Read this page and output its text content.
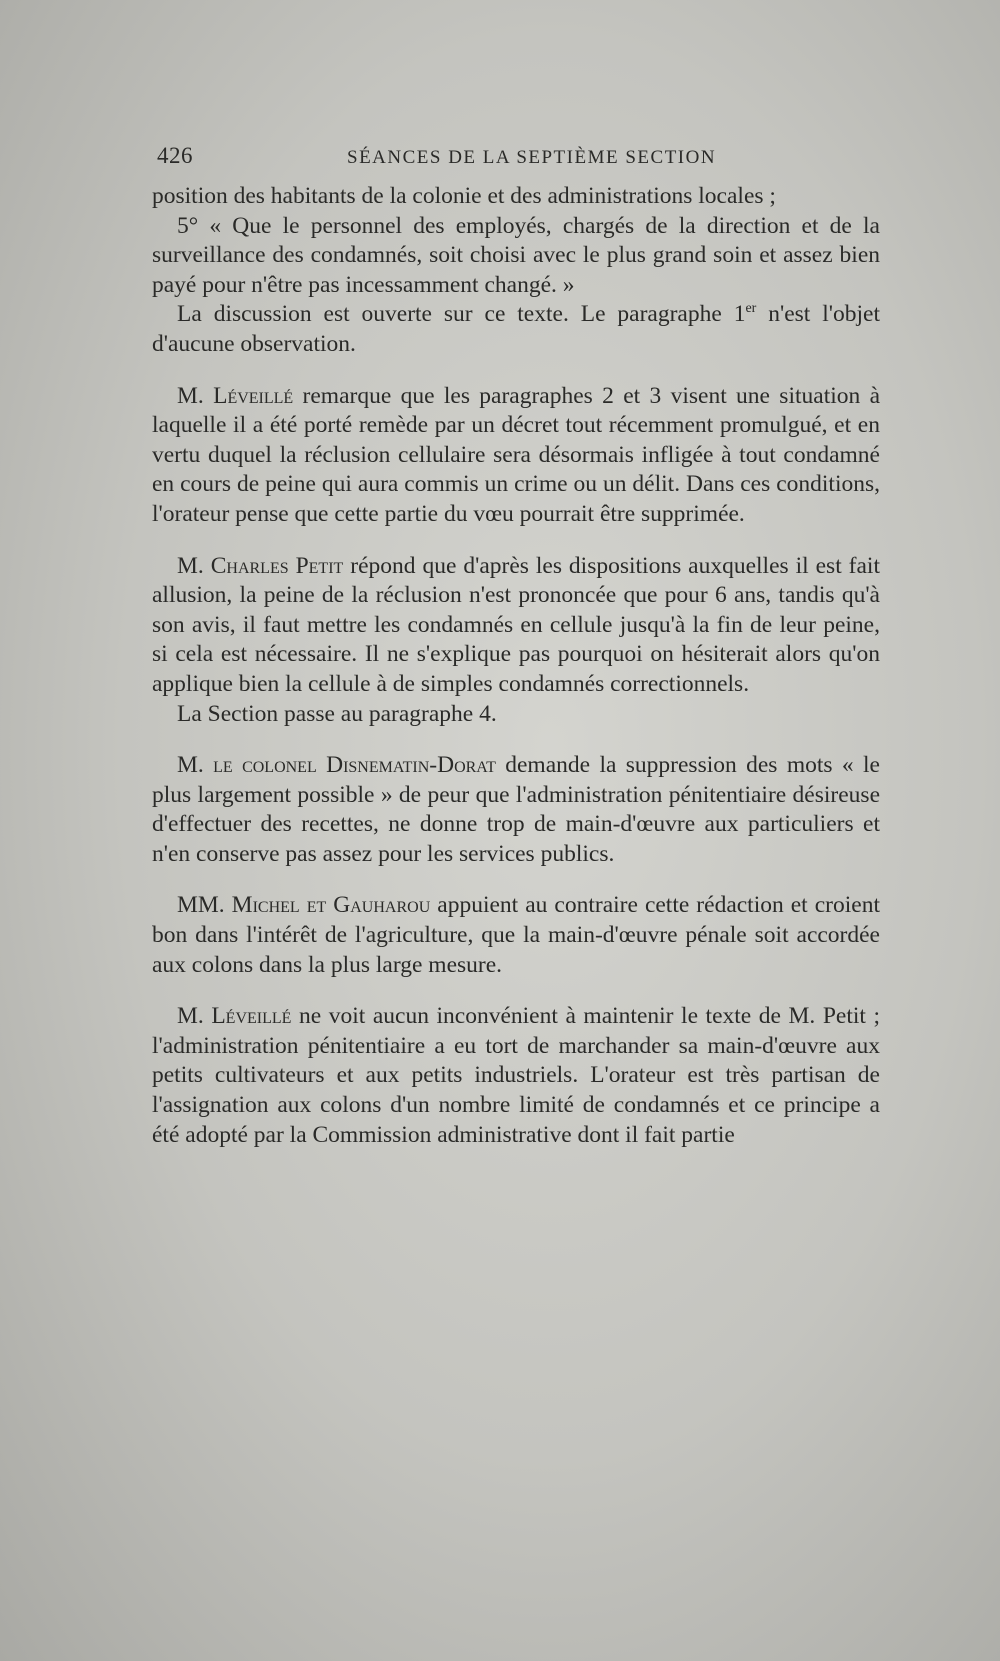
426	SÉANCES DE LA SEPTIÈME SECTION

position des habitants de la colonie et des administrations locales ;

5° « Que le personnel des employés, chargés de la direction et de la surveillance des condamnés, soit choisi avec le plus grand soin et assez bien payé pour n'être pas incessamment changé. »

La discussion est ouverte sur ce texte. Le paragraphe 1er n'est l'objet d'aucune observation.

M. Léveillé remarque que les paragraphes 2 et 3 visent une situation à laquelle il a été porté remède par un décret tout récemment promulgué, et en vertu duquel la réclusion cellulaire sera désormais infligée à tout condamné en cours de peine qui aura commis un crime ou un délit. Dans ces conditions, l'orateur pense que cette partie du vœu pourrait être supprimée.

M. Charles Petit répond que d'après les dispositions auxquelles il est fait allusion, la peine de la réclusion n'est prononcée que pour 6 ans, tandis qu'à son avis, il faut mettre les condamnés en cellule jusqu'à la fin de leur peine, si cela est nécessaire. Il ne s'explique pas pourquoi on hésiterait alors qu'on applique bien la cellule à de simples condamnés correctionnels.

La Section passe au paragraphe 4.

M. le colonel Disnematin-Dorat demande la suppression des mots « le plus largement possible » de peur que l'administration pénitentiaire désireuse d'effectuer des recettes, ne donne trop de main-d'œuvre aux particuliers et n'en conserve pas assez pour les services publics.

MM. Michel et Gauharou appuient au contraire cette rédaction et croient bon dans l'intérêt de l'agriculture, que la main-d'œuvre pénale soit accordée aux colons dans la plus large mesure.

M. Léveillé ne voit aucun inconvénient à maintenir le texte de M. Petit ; l'administration pénitentiaire a eu tort de marchander sa main-d'œuvre aux petits cultivateurs et aux petits industriels. L'orateur est très partisan de l'assignation aux colons d'un nombre limité de condamnés et ce principe a été adopté par la Commission administrative dont il fait partie
